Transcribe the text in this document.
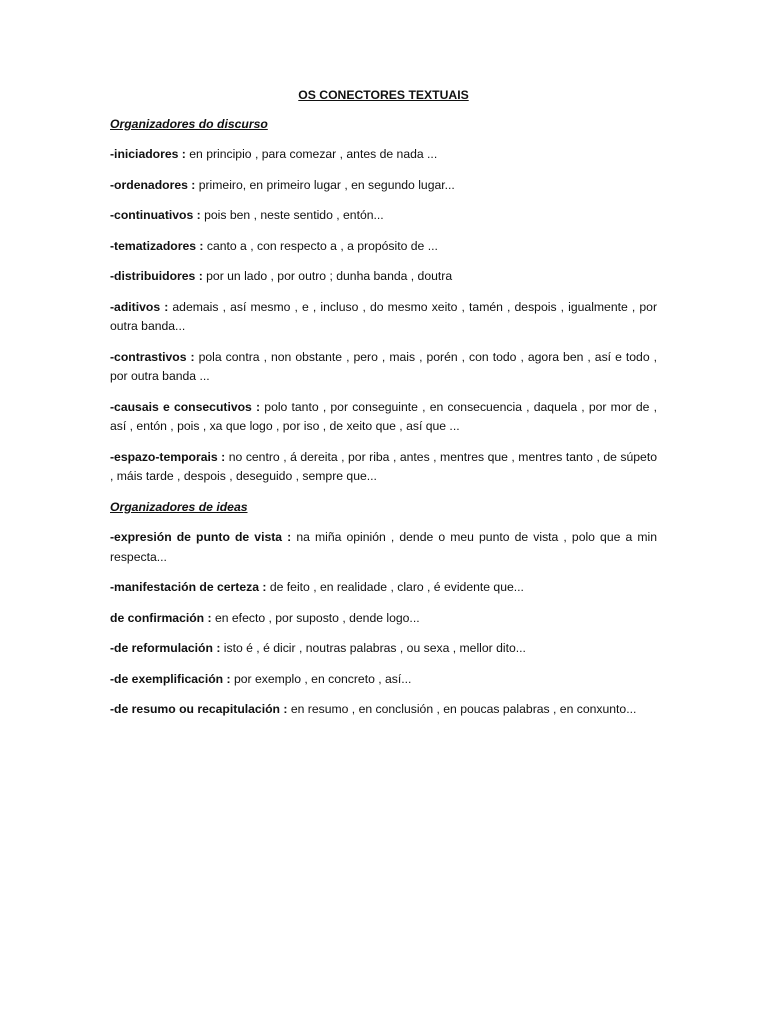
OS CONECTORES TEXTUAIS
Organizadores do discurso
-iniciadores : en principio , para comezar , antes de nada ...
-ordenadores : primeiro, en primeiro lugar , en segundo lugar...
-continuativos : pois ben , neste sentido , entón...
-tematizadores : canto a , con respecto a , a propósito de ...
-distribuidores : por un lado , por outro ; dunha banda , doutra
-aditivos : ademais , así mesmo , e , incluso , do mesmo xeito , tamén , despois , igualmente , por outra banda...
-contrastivos : pola contra , non obstante , pero , mais , porén , con todo , agora ben , así e todo , por outra banda ...
-causais e consecutivos : polo tanto , por conseguinte , en consecuencia , daquela , por mor de , así , entón , pois , xa que logo , por iso , de xeito que , así que ...
-espazo-temporais : no centro , á dereita , por riba , antes , mentres que , mentres tanto , de súpeto , máis tarde , despois , deseguido , sempre que...
Organizadores de ideas
-expresión de punto de vista : na miña opinión , dende o meu punto de vista , polo que a min respecta...
-manifestación de certeza : de feito , en realidade , claro , é evidente que...
de confirmación : en efecto , por suposto , dende logo...
-de reformulación : isto é , é dicir , noutras palabras , ou sexa , mellor dito...
-de exemplificación : por exemplo , en concreto , así...
-de resumo ou recapitulación : en resumo , en conclusión , en poucas palabras , en conxunto...
